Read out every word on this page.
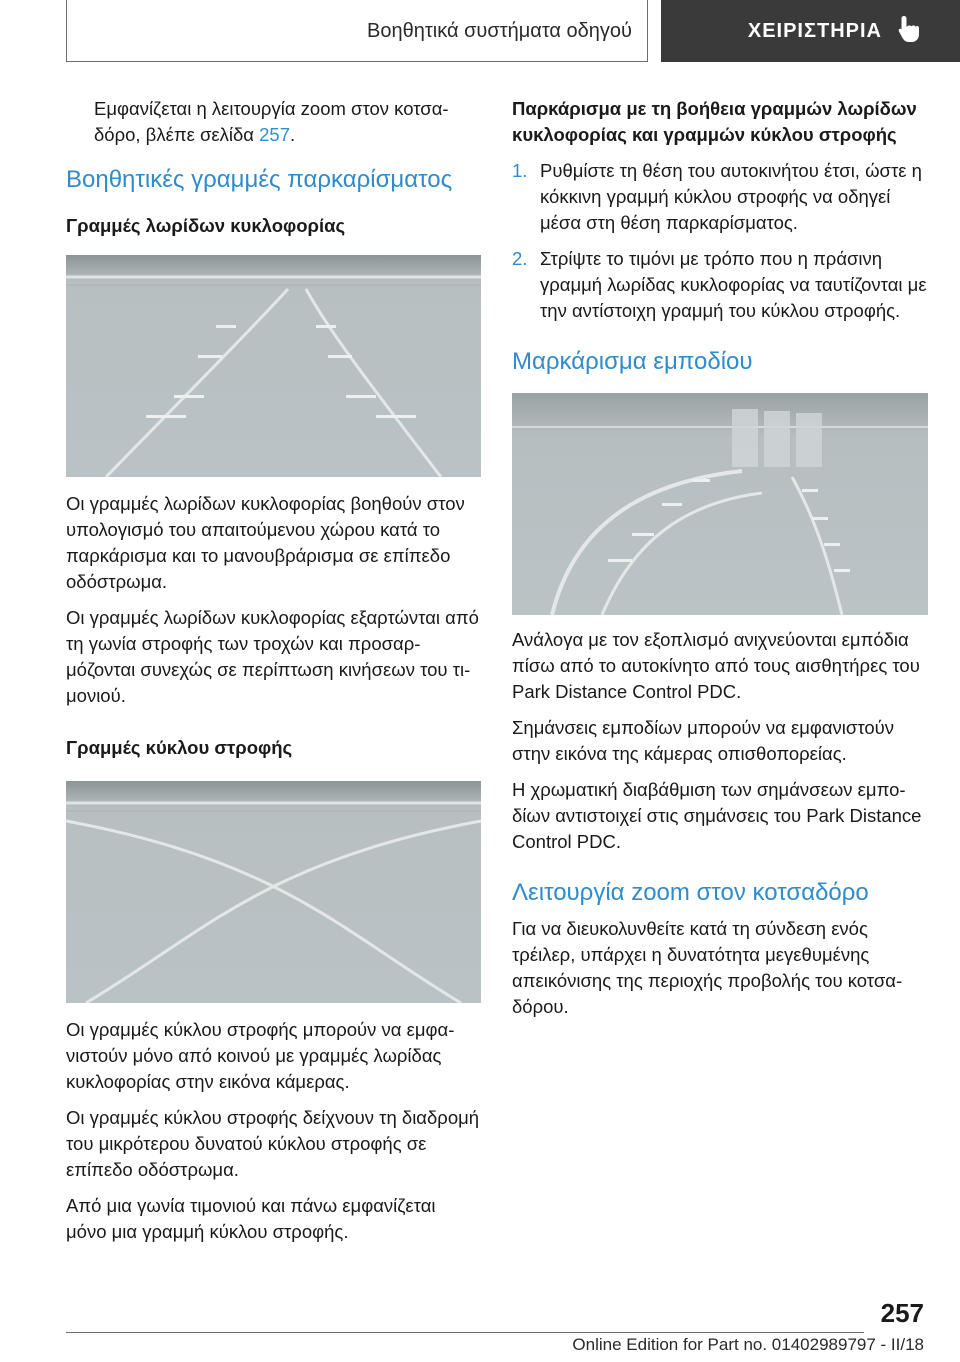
Βοηθητικά συστήματα οδηγού	ΧΕΙΡΙΣΤΗΡΙΑ

Εμφανίζεται η λειτουργία zoom στον κοτσαδόρο, βλέπε σελίδα 257.

Βοηθητικές γραμμές παρκαρίσματος
Γραμμές λωρίδων κυκλοφορίας

Οι γραμμές λωρίδων κυκλοφορίας βοηθούν στον υπολογισμό του απαιτούμενου χώρου κατά το παρκάρισμα και το μανουβράρισμα σε επίπεδο οδόστρωμα.

Οι γραμμές λωρίδων κυκλοφορίας εξαρτώνται από τη γωνία στροφής των τροχών και προσαρμόζονται συνεχώς σε περίπτωση κινήσεων του τιμονιού.

Γραμμές κύκλου στροφής

Οι γραμμές κύκλου στροφής μπορούν να εμφανιστούν μόνο από κοινού με γραμμές λωρίδας κυκλοφορίας στην εικόνα κάμερας.

Οι γραμμές κύκλου στροφής δείχνουν τη διαδρομή του μικρότερου δυνατού κύκλου στροφής σε επίπεδο οδόστρωμα.

Από μια γωνία τιμονιού και πάνω εμφανίζεται μόνο μια γραμμή κύκλου στροφής.

Παρκάρισμα με τη βοήθεια γραμμών λωρίδων κυκλοφορίας και γραμμών κύκλου στροφής
1. Ρυθμίστε τη θέση του αυτοκινήτου έτσι, ώστε η κόκκινη γραμμή κύκλου στροφής να οδηγεί μέσα στη θέση παρκαρίσματος.
2. Στρίψτε το τιμόνι με τρόπο που η πράσινη γραμμή λωρίδας κυκλοφορίας να ταυτίζονται με την αντίστοιχη γραμμή του κύκλου στροφής.
Μαρκάρισμα εμποδίου

Ανάλογα με τον εξοπλισμό ανιχνεύονται εμπόδια πίσω από το αυτοκίνητο από τους αισθητήρες του Park Distance Control PDC.

Σημάνσεις εμποδίων μπορούν να εμφανιστούν στην εικόνα της κάμερας οπισθοπορείας.

Η χρωματική διαβάθμιση των σημάνσεων εμποδίων αντιστοιχεί στις σημάνσεις του Park Distance Control PDC.

Λειτουργία zoom στον κοτσαδόρο

Για να διευκολυνθείτε κατά τη σύνδεση ενός τρέιλερ, υπάρχει η δυνατότητα μεγεθυμένης απεικόνισης της περιοχής προβολής του κοτσαδόρου.

257
Online Edition for Part no. 01402989797 - II/18
